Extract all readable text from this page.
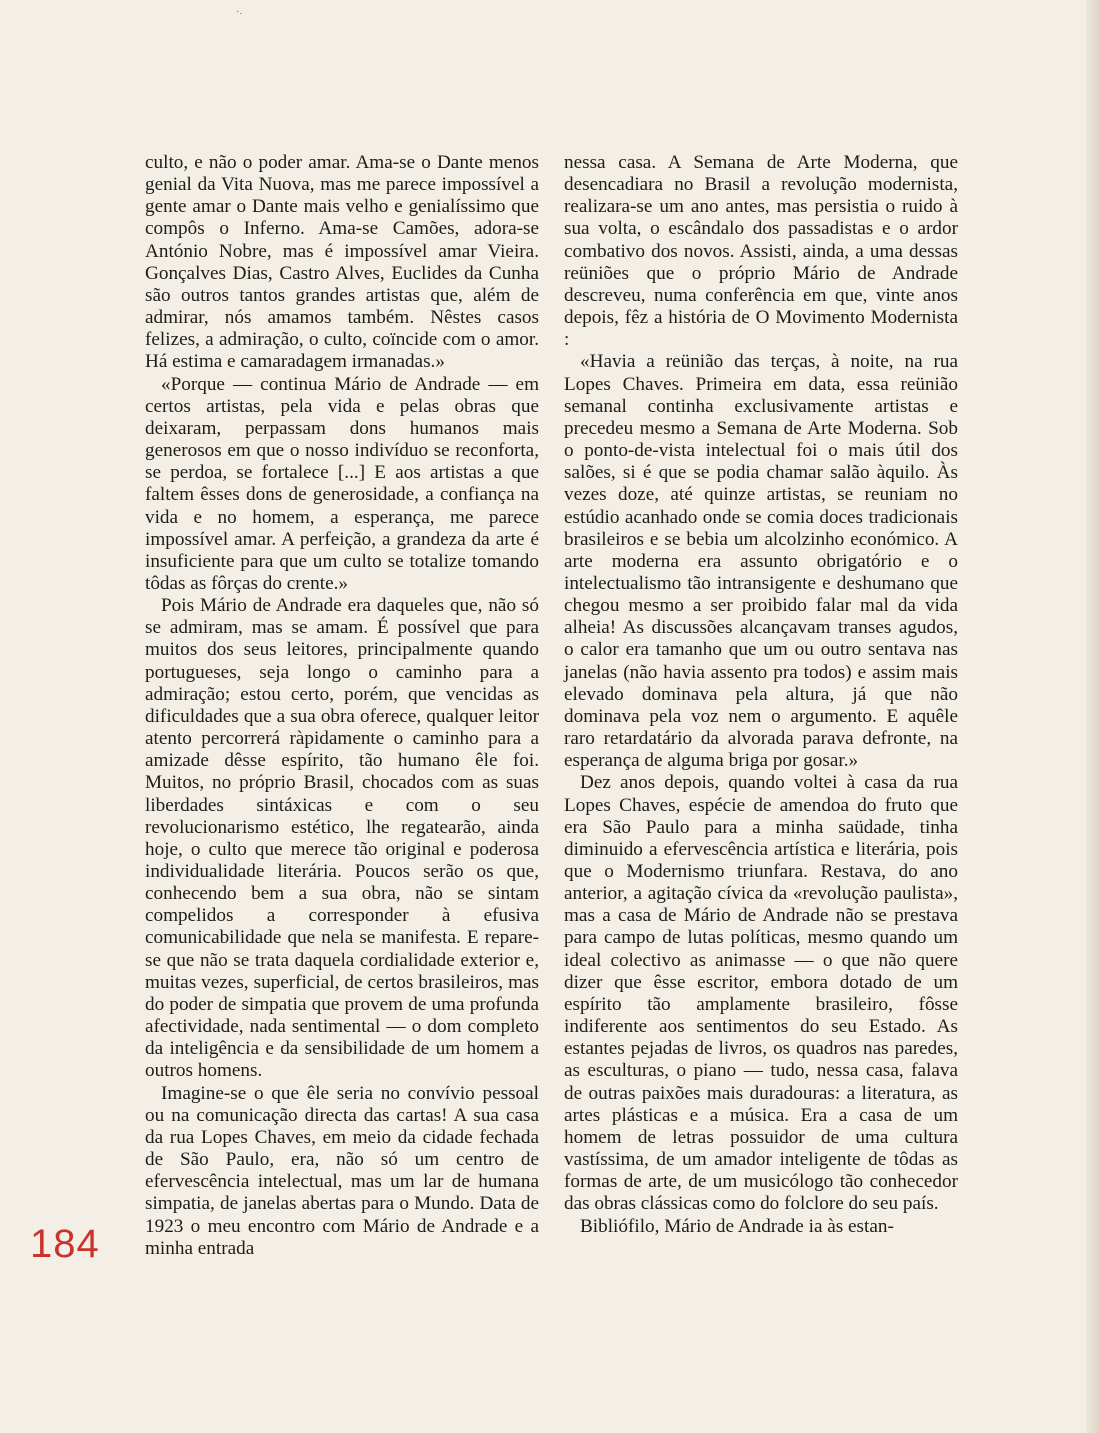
·.

culto, e não o poder amar. Ama-se o Dante menos genial da Vita Nuova, mas me parece impossível a gente amar o Dante mais velho e genialíssimo que compôs o Inferno. Ama-se Camões, adora-se António Nobre, mas é impossível amar Vieira. Gonçalves Dias, Castro Alves, Euclides da Cunha são outros tantos grandes artistas que, além de admirar, nós amamos também. Nêstes casos felizes, a admiração, o culto, coïncide com o amor. Há estima e camaradagem irmanadas.»

«Porque — continua Mário de Andrade — em certos artistas, pela vida e pelas obras que deixaram, perpassam dons humanos mais generosos em que o nosso indivíduo se reconforta, se perdoa, se fortalece [...] E aos artistas a que faltem êsses dons de generosidade, a confiança na vida e no homem, a esperança, me parece impossível amar. A perfeição, a grandeza da arte é insuficiente para que um culto se totalize tomando tôdas as fôrças do crente.»

Pois Mário de Andrade era daqueles que, não só se admiram, mas se amam. É possível que para muitos dos seus leitores, principalmente quando portugueses, seja longo o caminho para a admiração; estou certo, porém, que vencidas as dificuldades que a sua obra oferece, qualquer leitor atento percorrerá ràpidamente o caminho para a amizade dêsse espírito, tão humano êle foi. Muitos, no próprio Brasil, chocados com as suas liberdades sintáxicas e com o seu revolucionarismo estético, lhe regatearão, ainda hoje, o culto que merece tão original e poderosa individualidade literária. Poucos serão os que, conhecendo bem a sua obra, não se sintam compelidos a corresponder à efusiva comunicabilidade que nela se manifesta. E repare-se que não se trata daquela cordialidade exterior e, muitas vezes, superficial, de certos brasileiros, mas do poder de simpatia que provem de uma profunda afectividade, nada sentimental — o dom completo da inteligência e da sensibilidade de um homem a outros homens.

Imagine-se o que êle seria no convívio pessoal ou na comunicação directa das cartas! A sua casa da rua Lopes Chaves, em meio da cidade fechada de São Paulo, era, não só um centro de efervescência intelectual, mas um lar de humana simpatia, de janelas abertas para o Mundo. Data de 1923 o meu encontro com Mário de Andrade e a minha entrada

nessa casa. A Semana de Arte Moderna, que desencadiara no Brasil a revolução modernista, realizara-se um ano antes, mas persistia o ruido à sua volta, o escândalo dos passadistas e o ardor combativo dos novos. Assisti, ainda, a uma dessas reüniões que o próprio Mário de Andrade descreveu, numa conferência em que, vinte anos depois, fêz a história de O Movimento Modernista :

«Havia a reünião das terças, à noite, na rua Lopes Chaves. Primeira em data, essa reünião semanal continha exclusivamente artistas e precedeu mesmo a Semana de Arte Moderna. Sob o ponto-de-vista intelectual foi o mais útil dos salões, si é que se podia chamar salão àquilo. Às vezes doze, até quinze artistas, se reuniam no estúdio acanhado onde se comia doces tradicionais brasileiros e se bebia um alcolzinho económico. A arte moderna era assunto obrigatório e o intelectualismo tão intransigente e deshumano que chegou mesmo a ser proibido falar mal da vida alheia! As discussões alcançavam transes agudos, o calor era tamanho que um ou outro sentava nas janelas (não havia assento pra todos) e assim mais elevado dominava pela altura, já que não dominava pela voz nem o argumento. E aquêle raro retardatário da alvorada parava defronte, na esperança de alguma briga por gosar.»

Dez anos depois, quando voltei à casa da rua Lopes Chaves, espécie de amendoa do fruto que era São Paulo para a minha saüdade, tinha diminuido a efervescência artística e literária, pois que o Modernismo triunfara. Restava, do ano anterior, a agitação cívica da «revolução paulista», mas a casa de Mário de Andrade não se prestava para campo de lutas políticas, mesmo quando um ideal colectivo as animasse — o que não quere dizer que êsse escritor, embora dotado de um espírito tão amplamente brasileiro, fôsse indiferente aos sentimentos do seu Estado. As estantes pejadas de livros, os quadros nas paredes, as esculturas, o piano — tudo, nessa casa, falava de outras paixões mais duradouras: a literatura, as artes plásticas e a música. Era a casa de um homem de letras possuidor de uma cultura vastíssima, de um amador inteligente de tôdas as formas de arte, de um musicólogo tão conhecedor das obras clássicas como do folclore do seu país.

Bibliófilo, Mário de Andrade ia às estan-

184
